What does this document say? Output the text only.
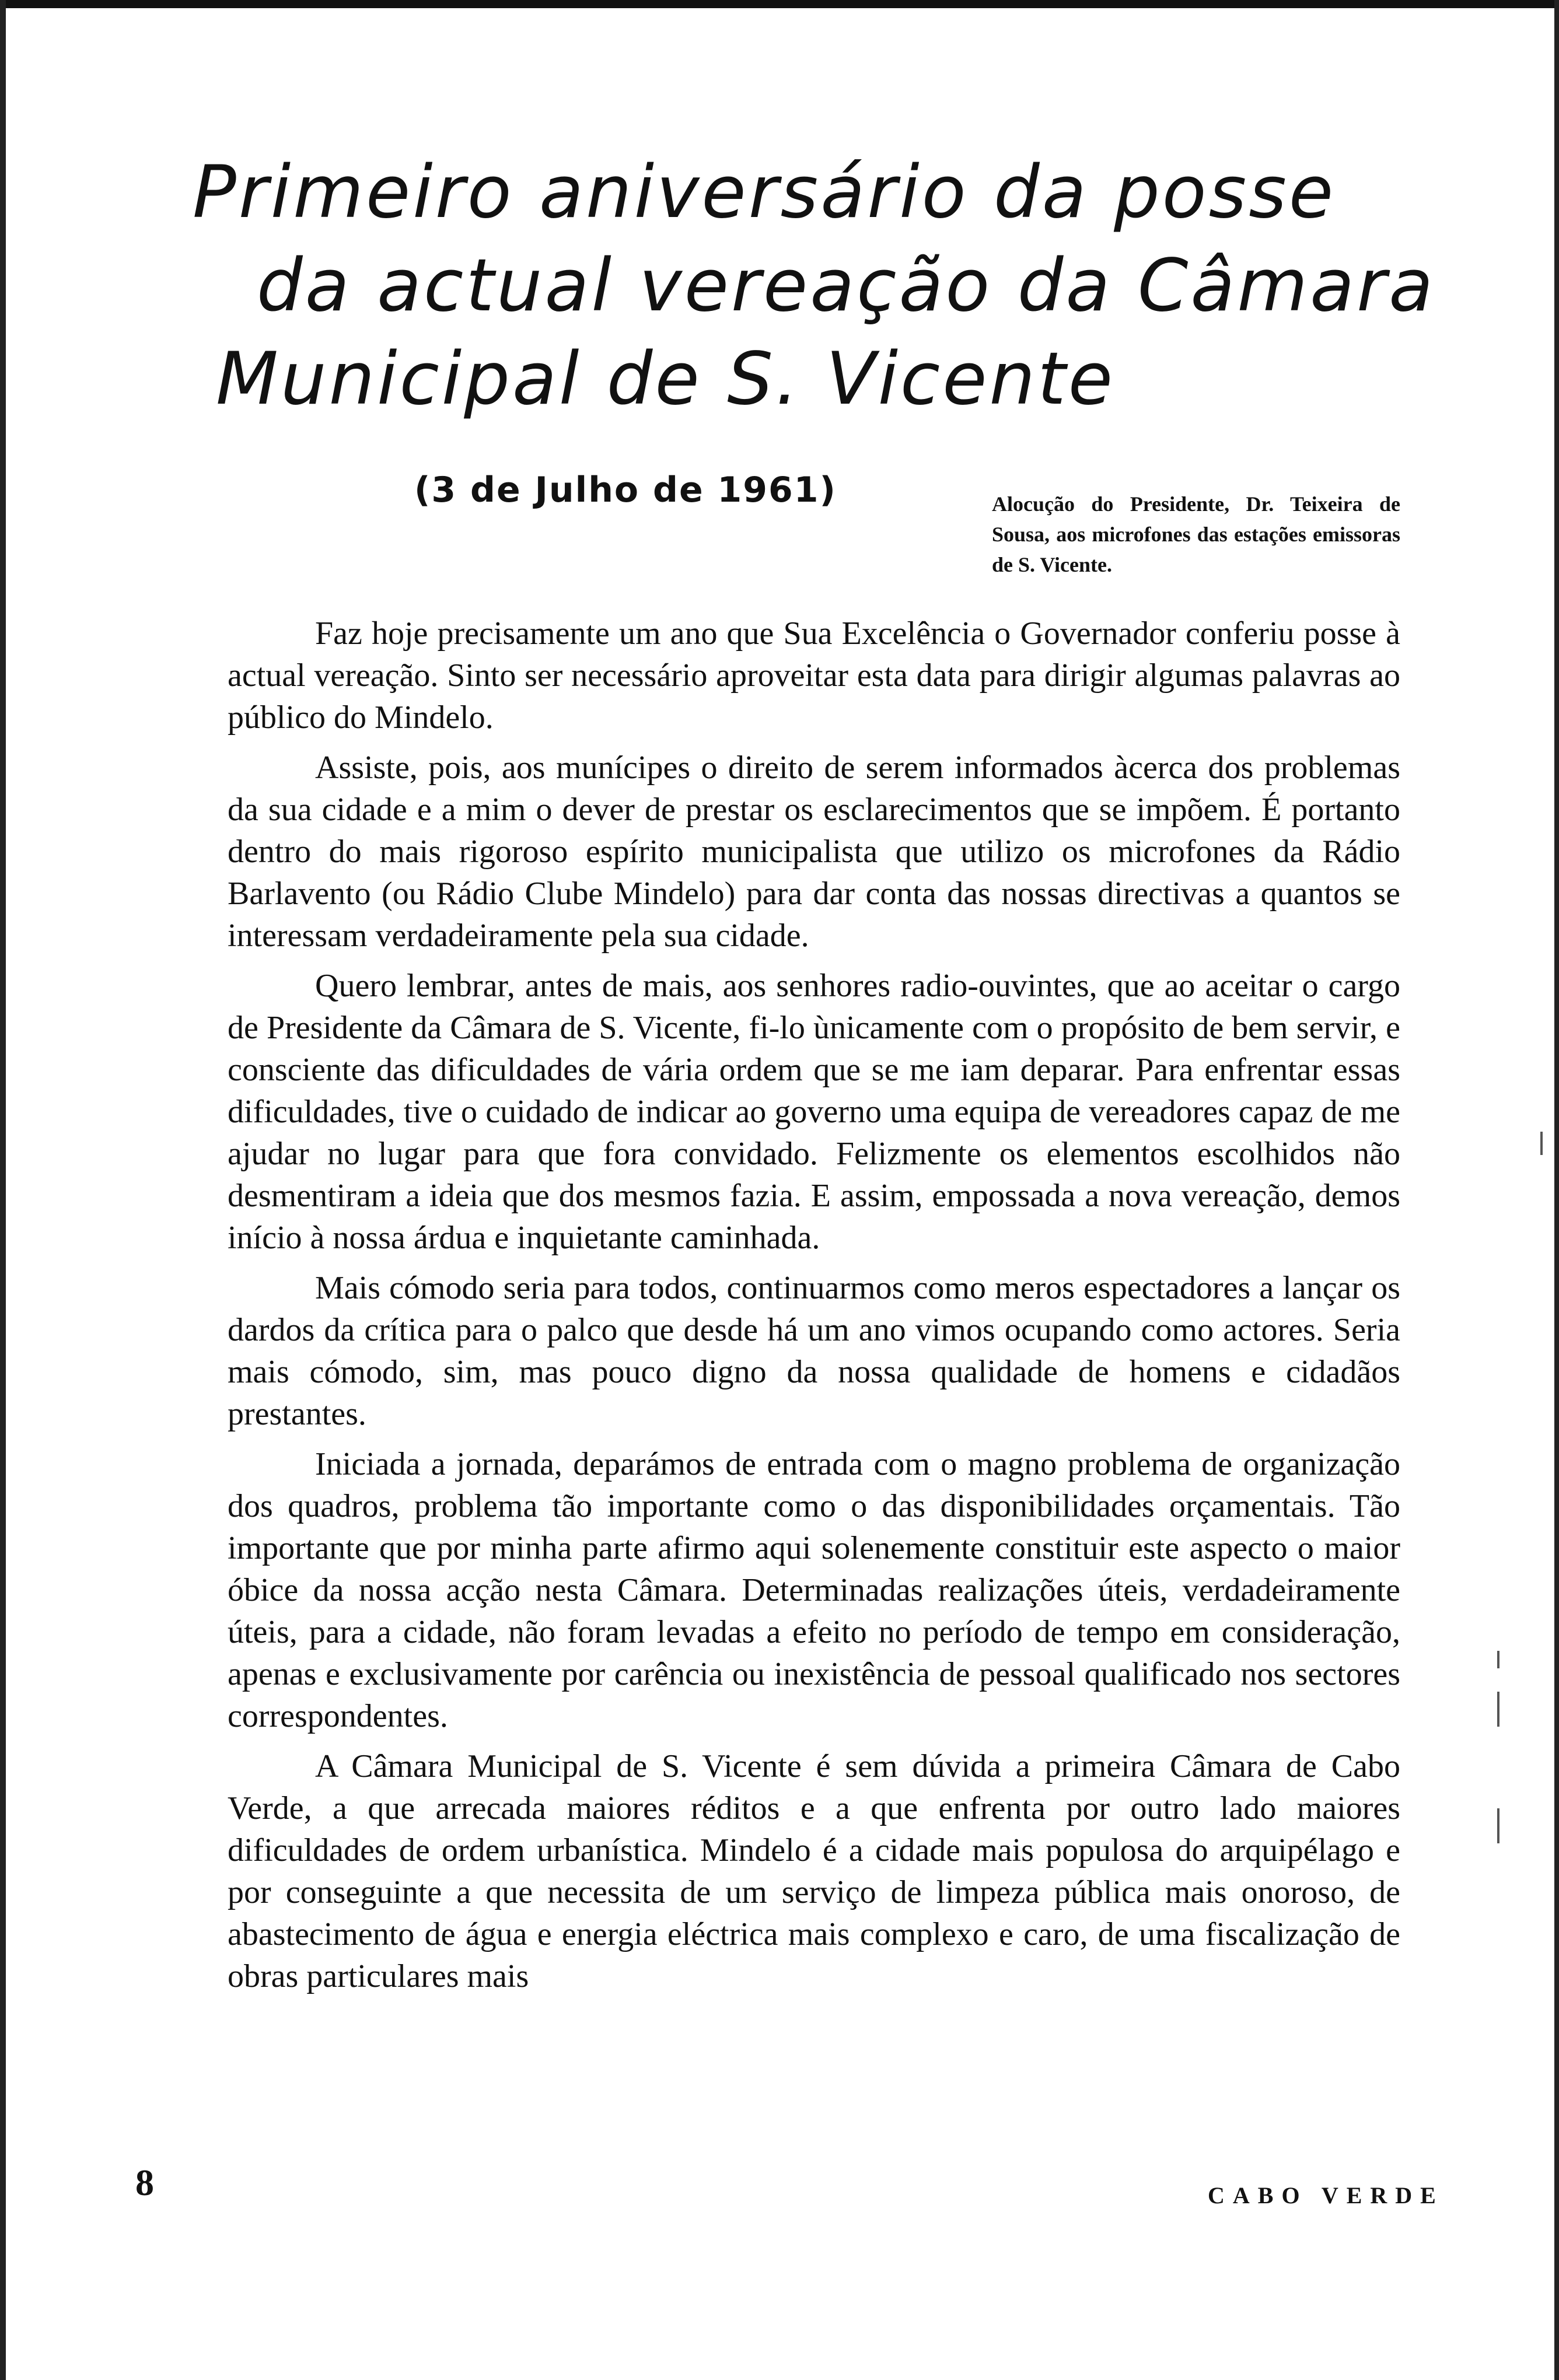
Primeiro aniversário da posse
da actual vereação da Câmara
Municipal de S. Vicente
(3 de Julho de 1961)	Alocução do Presidente, Dr. Teixeira de Sousa, aos microfones das estações emissoras de S. Vicente.

Faz hoje precisamente um ano que Sua Excelência o Governador conferiu posse à actual vereação. Sinto ser necessário aproveitar esta data para dirigir algumas palavras ao público do Mindelo.

Assiste, pois, aos munícipes o direito de serem informados àcerca dos problemas da sua cidade e a mim o dever de prestar os esclarecimentos que se impõem. É portanto dentro do mais rigoroso espírito municipalista que utilizo os microfones da Rádio Barlavento (ou Rádio Clube Mindelo) para dar conta das nossas directivas a quantos se interessam verdadeiramente pela sua cidade.

Quero lembrar, antes de mais, aos senhores radio-ouvintes, que ao aceitar o cargo de Presidente da Câmara de S. Vicente, fi-lo ùnicamente com o propósito de bem servir, e consciente das dificuldades de vária ordem que se me iam deparar. Para enfrentar essas dificuldades, tive o cuidado de indicar ao governo uma equipa de vereadores capaz de me ajudar no lugar para que fora convidado. Felizmente os elementos escolhidos não desmentiram a ideia que dos mesmos fazia. E assim, empossada a nova vereação, demos início à nossa árdua e inquietante caminhada.

Mais cómodo seria para todos, continuarmos como meros espectadores a lançar os dardos da crítica para o palco que desde há um ano vimos ocupando como actores. Seria mais cómodo, sim, mas pouco digno da nossa qualidade de homens e cidadãos prestantes.

Iniciada a jornada, deparámos de entrada com o magno problema de organização dos quadros, problema tão importante como o das disponibilidades orçamentais. Tão importante que por minha parte afirmo aqui solenemente constituir este aspecto o maior óbice da nossa acção nesta Câmara. Determinadas realizações úteis, verdadeiramente úteis, para a cidade, não foram levadas a efeito no período de tempo em consideração, apenas e exclusivamente por carência ou inexistência de pessoal qualificado nos sectores correspondentes.

A Câmara Municipal de S. Vicente é sem dúvida a primeira Câmara de Cabo Verde, a que arrecada maiores réditos e a que enfrenta por outro lado maiores dificuldades de ordem urbanística. Mindelo é a cidade mais populosa do arquipélago e por conseguinte a que necessita de um serviço de limpeza pública mais onoroso, de abastecimento de água e energia eléctrica mais complexo e caro, de uma fiscalização de obras particulares mais

8	CABO VERDE
